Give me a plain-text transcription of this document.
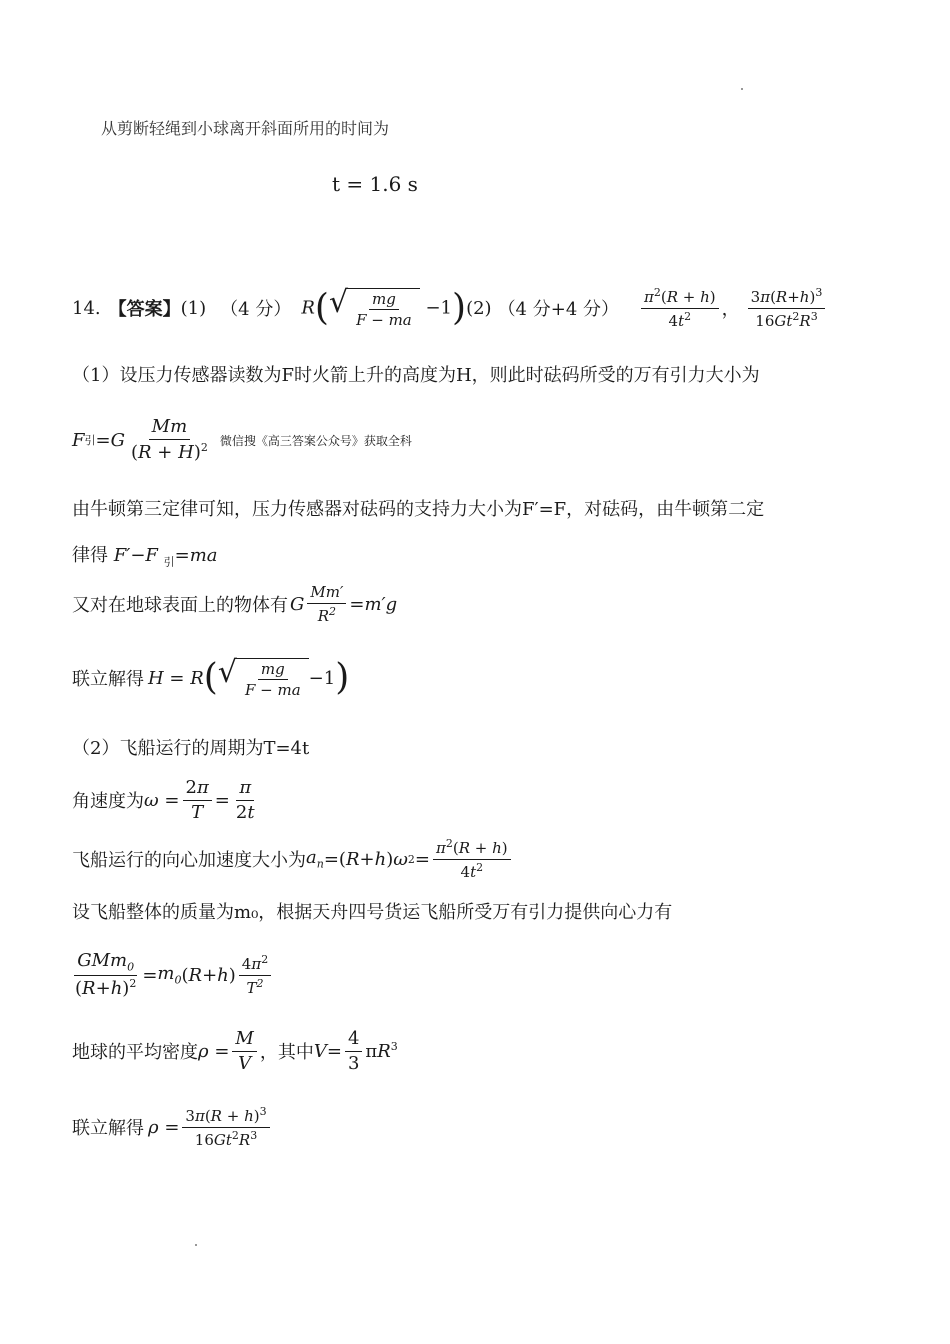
从剪断轻绳到小球离开斜面所用的时间为
t = 1.6 s
14. 【答案】 (1) （4 分） R( √ $\frac{mg}{F - ma} -1$) (2) （4 分+4 分） $\frac{\pi^2(R + h)}{4t^2}$ ， $\frac{3\pi(R+h)^3}{16Gt^2R^3}$
（1）设压力传感器读数为F时火箭上升的高度为H，则此时砝码所受的万有引力大小为
F 引 = G $\frac{Mm}{(R + H)^2}$ 微信搜《高三答案公众号》获取全科
由牛顿第三定律可知，压力传感器对砝码的支持力大小为F′=F，对砝码，由牛顿第二定
律得 F′−F $_引$=ma
又对在地球表面上的物体有 G $\frac{Mm'}{R^2} =m'g$
联立解得 H = R ( √ $\frac{mg}{F - ma} -1$ )
（2）飞船运行的周期为T=4t
角速度为 $\omega = \frac{2\pi}{T} = \frac{\pi}{2t}$
飞船运行的向心加速度大小为 $a_n$ =( R + h ) ω $2 = \frac{\pi^2(R + h)}{4t^2}$
设飞船整体的质量为m₀，根据天舟四号货运飞船所受万有引力提供向心力有
$\frac{GMm_0}{(R+h)^2} = m_0$ ( R + h ) $\frac{4\pi^2}{T^2}$
地球的平均密度 $\rho = \frac{M}{V}$ ，其中 $V = \frac{4}{3} \pi R^3$
联立解得 $\rho = \frac{3\pi(R + h)^3}{16Gt^2R^3}$
